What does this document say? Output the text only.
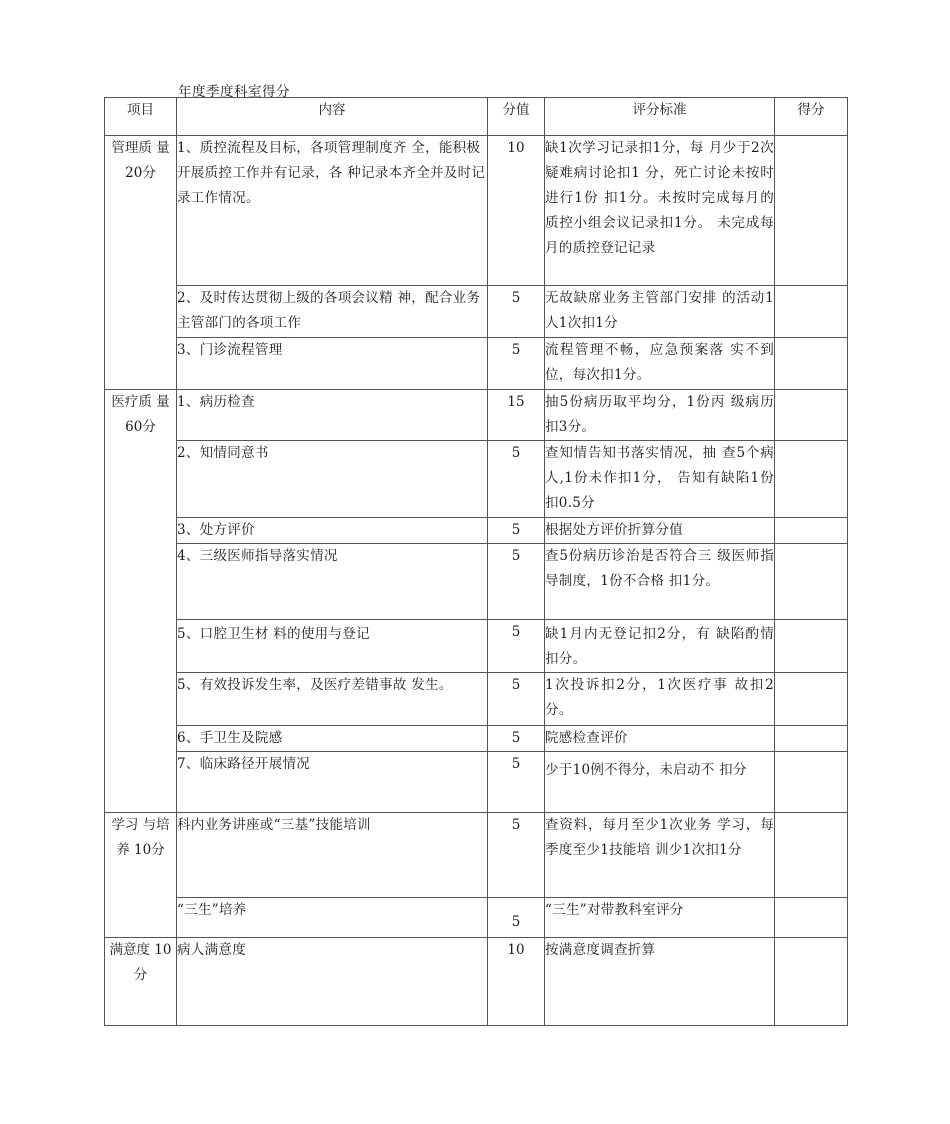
年度季度科室得分
项目	内容	分值	评分标准	得分
管理质 量20分	1、质控流程及目标，各项管理制度齐 全，能积极开展质控工作并有记录，各 种记录本齐全并及时记录工作情况。	10	缺1次学习记录扣1分，每 月少于2次疑难病讨论扣1 分，死亡讨论未按时进行1份 扣1分。未按时完成每月的 质控小组会议记录扣1分。 未完成每月的质控登记记录	
	2、及时传达贯彻上级的各项会议精 神，配合业务主管部门的各项工作	5	无故缺席业务主管部门安排 的活动1人1次扣1分	
	3、门诊流程管理	5	流程管理不畅，应急预案落 实不到位，每次扣1分。	
医疗质 量60分	1、病历检查	15	抽5份病历取平均分，1份丙 级病历扣3分。	
	2、知情同意书	5	查知情告知书落实情况，抽 查5个病人,1份未作扣1分， 告知有缺陷1份扣0.5分	
	3、处方评价	5	根据处方评价折算分值	
	4、三级医师指导落实情况	5	查5份病历诊治是否符合三 级医师指导制度，1份不合格 扣1分。	
	5、口腔卫生材 料的使用与登记	5	缺1月内无登记扣2分，有 缺陷酌情扣分。	
	5、有效投诉发生率，及医疗差错事故 发生。	5	1次投诉扣2分，1次医疗事 故扣2分。	
	6、手卫生及院感	5	院感检查评价	
	7、临床路径开展情况	5	少于10例不得分，未启动不 扣分	
学习 与培养 10分	科内业务讲座或“三基”技能培训	5	查资料，每月至少1次业务 学习，每季度至少1技能培 训少1次扣1分	
	“三生”培养	5	“三生”对带教科室评分	
满意度 10分	病人满意度	10	按满意度调查折算	
